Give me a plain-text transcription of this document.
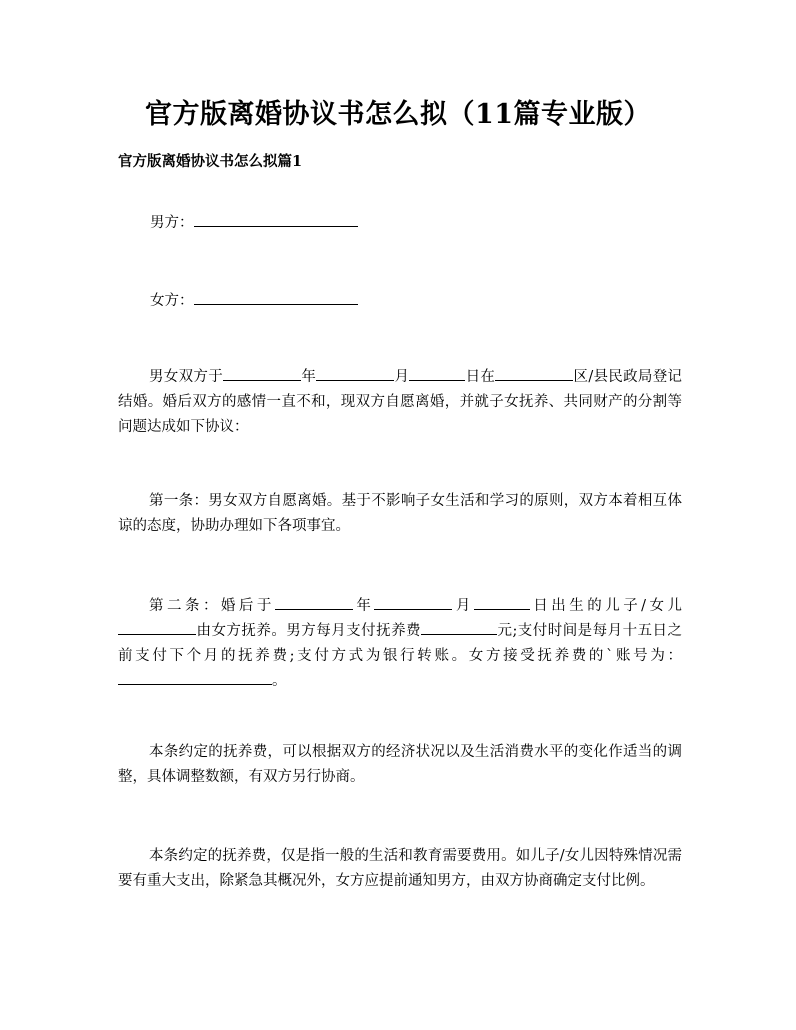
官方版离婚协议书怎么拟（11篇专业版）
官方版离婚协议书怎么拟篇1
男方：
女方：
男女双方于	年	月	日在	区/县民政局登记结婚。婚后双方的感情一直不和，现双方自愿离婚，并就子女抚养、共同财产的分割等问题达成如下协议：
第一条：男女双方自愿离婚。基于不影响子女生活和学习的原则，双方本着相互体谅的态度，协助办理如下各项事宜。
第二条：婚后于	年	月	日出生的儿子/女儿由女方抚养。男方每月支付抚养费	元;支付时间是每月十五日之前支付下个月的抚养费;支付方式为银行转账。女方接受抚养费的`账号为：。
本条约定的抚养费，可以根据双方的经济状况以及生活消费水平的变化作适当的调整，具体调整数额，有双方另行协商。
本条约定的抚养费，仅是指一般的生活和教育需要费用。如儿子/女儿因特殊情况需要有重大支出，除紧急其概况外，女方应提前通知男方，由双方协商确定支付比例。
